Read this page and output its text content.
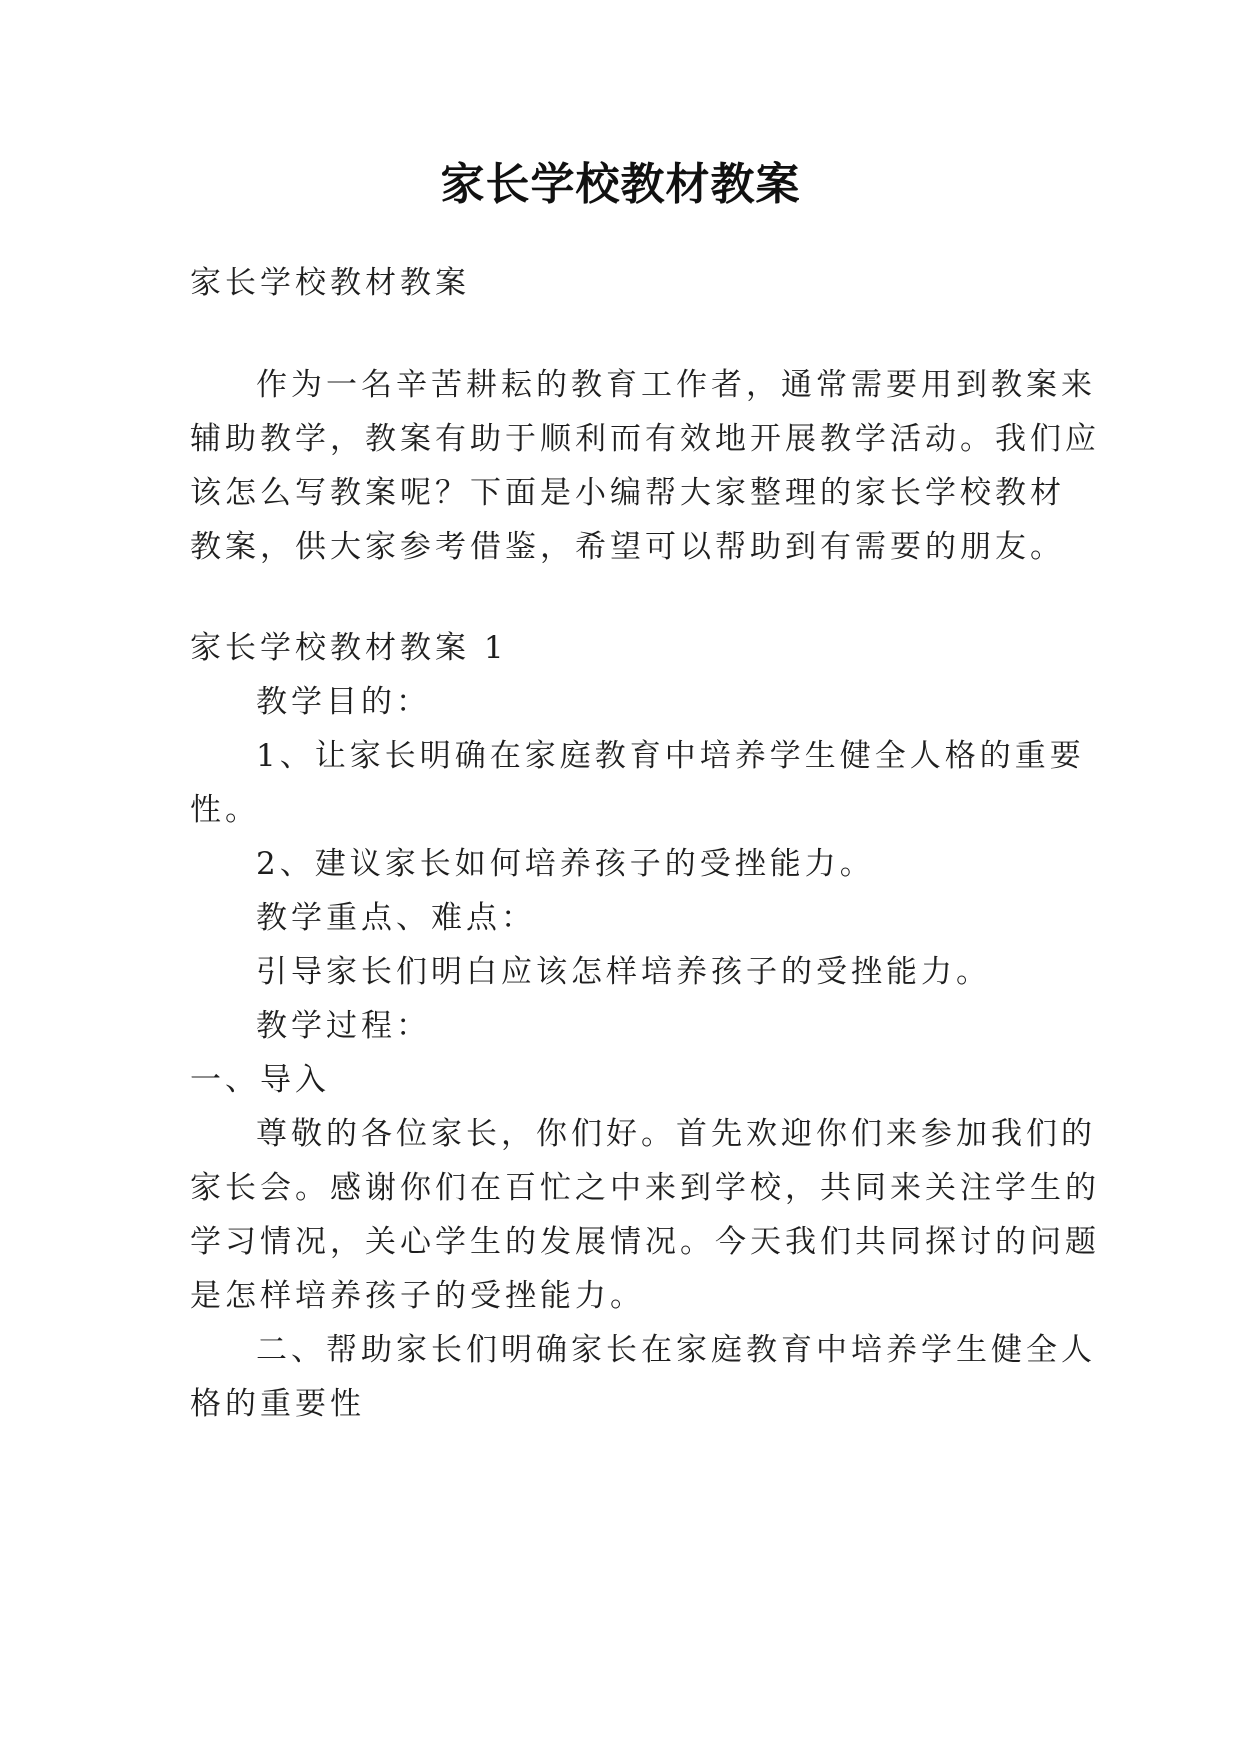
家长学校教材教案
家长学校教材教案
作为一名辛苦耕耘的教育工作者，通常需要用到教案来
辅助教学，教案有助于顺利而有效地开展教学活动。我们应
该怎么写教案呢？下面是小编帮大家整理的家长学校教材
教案，供大家参考借鉴，希望可以帮助到有需要的朋友。
家长学校教材教案 1
教学目的：
1、让家长明确在家庭教育中培养学生健全人格的重要
性。
2、建议家长如何培养孩子的受挫能力。
教学重点、难点：
引导家长们明白应该怎样培养孩子的受挫能力。
教学过程：
一、导入
尊敬的各位家长，你们好。首先欢迎你们来参加我们的
家长会。感谢你们在百忙之中来到学校，共同来关注学生的
学习情况，关心学生的发展情况。今天我们共同探讨的问题
是怎样培养孩子的受挫能力。
二、帮助家长们明确家长在家庭教育中培养学生健全人
格的重要性
